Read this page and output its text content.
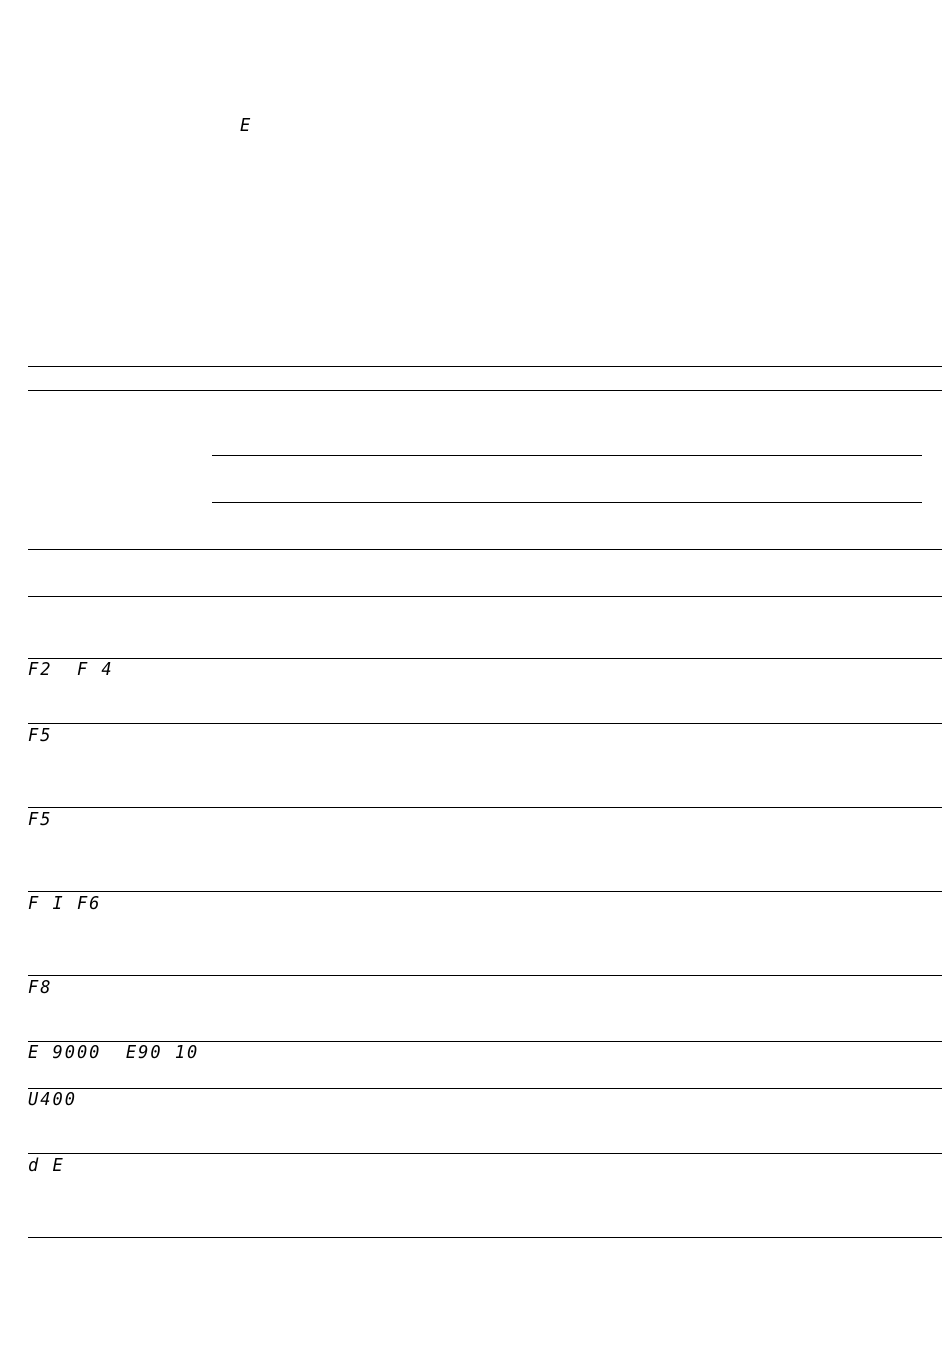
E
F2  F 4
F5
F5
F I F6
F8
E 9000  E90 10
U400
d E
